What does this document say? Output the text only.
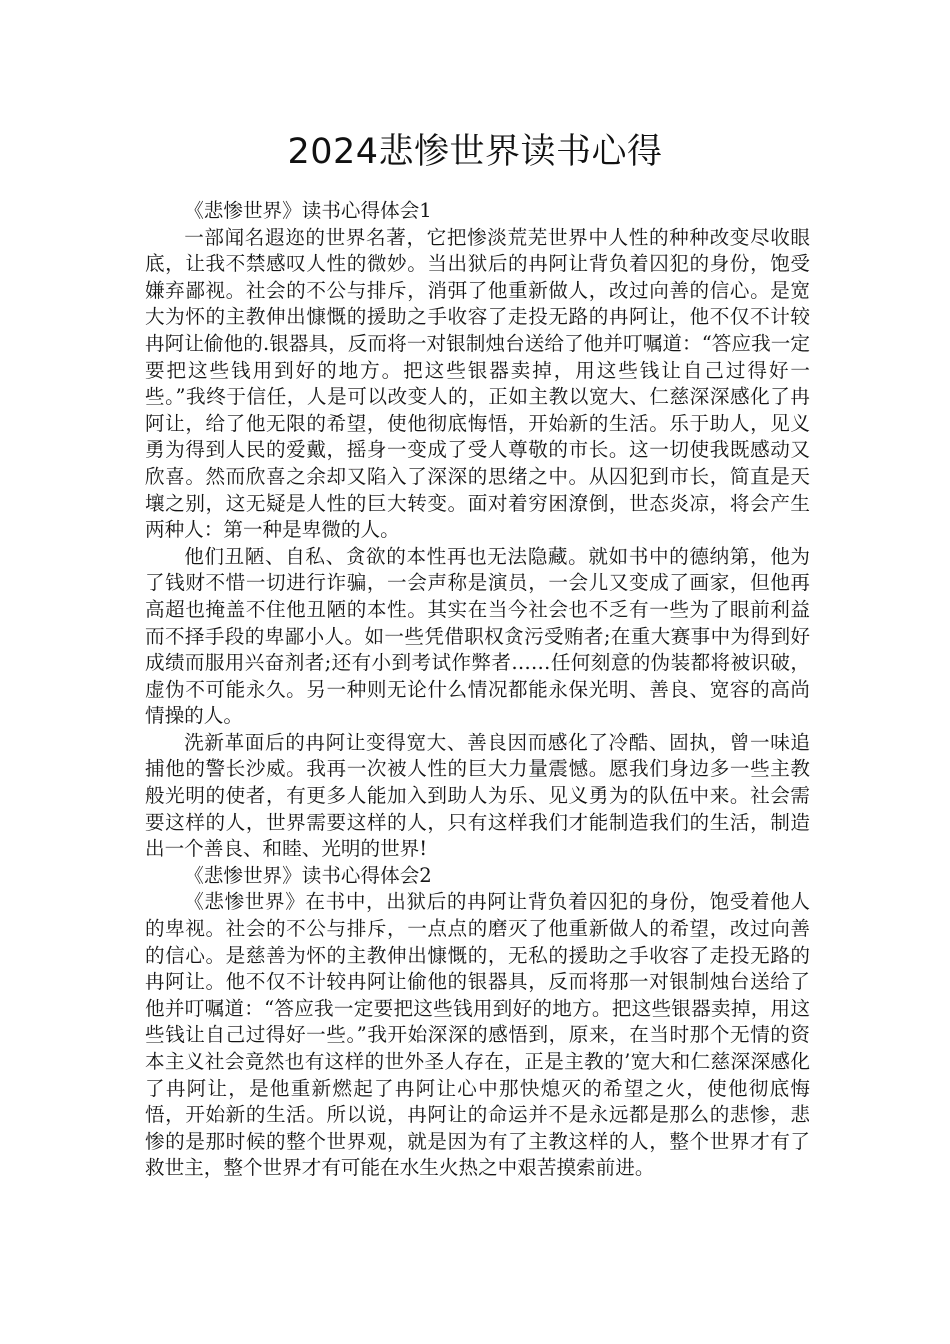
2024悲惨世界读书心得

《悲惨世界》读书心得体会1

一部闻名遐迩的世界名著，它把惨淡荒芜世界中人性的种种改变尽收眼底，让我不禁感叹人性的微妙。当出狱后的冉阿让背负着囚犯的身份，饱受嫌弃鄙视。社会的不公与排斥，消弭了他重新做人，改过向善的信心。是宽大为怀的主教伸出慷慨的援助之手收容了走投无路的冉阿让，他不仅不计较冉阿让偷他的.银器具，反而将一对银制烛台送给了他并叮嘱道：“答应我一定要把这些钱用到好的地方。把这些银器卖掉，用这些钱让自己过得好一些。”我终于信任，人是可以改变人的，正如主教以宽大、仁慈深深感化了冉阿让，给了他无限的希望，使他彻底悔悟，开始新的生活。乐于助人，见义勇为得到人民的爱戴，摇身一变成了受人尊敬的市长。这一切使我既感动又欣喜。然而欣喜之余却又陷入了深深的思绪之中。从囚犯到市长，简直是天壤之别，这无疑是人性的巨大转变。面对着穷困潦倒，世态炎凉，将会产生两种人：第一种是卑微的人。

他们丑陋、自私、贪欲的本性再也无法隐藏。就如书中的德纳第，他为了钱财不惜一切进行诈骗，一会声称是演员，一会儿又变成了画家，但他再高超也掩盖不住他丑陋的本性。其实在当今社会也不乏有一些为了眼前利益而不择手段的卑鄙小人。如一些凭借职权贪污受贿者;在重大赛事中为得到好成绩而服用兴奋剂者;还有小到考试作弊者……任何刻意的伪装都将被识破，虚伪不可能永久。另一种则无论什么情况都能永保光明、善良、宽容的高尚情操的人。

洗新革面后的冉阿让变得宽大、善良因而感化了冷酷、固执，曾一味追捕他的警长沙威。我再一次被人性的巨大力量震憾。愿我们身边多一些主教般光明的使者，有更多人能加入到助人为乐、见义勇为的队伍中来。社会需要这样的人，世界需要这样的人，只有这样我们才能制造我们的生活，制造出一个善良、和睦、光明的世界!

《悲惨世界》读书心得体会2

《悲惨世界》在书中，出狱后的冉阿让背负着囚犯的身份，饱受着他人的卑视。社会的不公与排斥，一点点的磨灭了他重新做人的希望，改过向善的信心。是慈善为怀的主教伸出慷慨的，无私的援助之手收容了走投无路的冉阿让。他不仅不计较冉阿让偷他的银器具，反而将那一对银制烛台送给了他并叮嘱道：“答应我一定要把这些钱用到好的地方。把这些银器卖掉，用这些钱让自己过得好一些。”我开始深深的感悟到，原来，在当时那个无情的资本主义社会竟然也有这样的世外圣人存在，正是主教的’宽大和仁慈深深感化了冉阿让，是他重新燃起了冉阿让心中那快熄灭的希望之火，使他彻底悔悟，开始新的生活。所以说，冉阿让的命运并不是永远都是那么的悲惨，悲惨的是那时候的整个世界观，就是因为有了主教这样的人，整个世界才有了救世主，整个世界才有可能在水生火热之中艰苦摸索前进。
